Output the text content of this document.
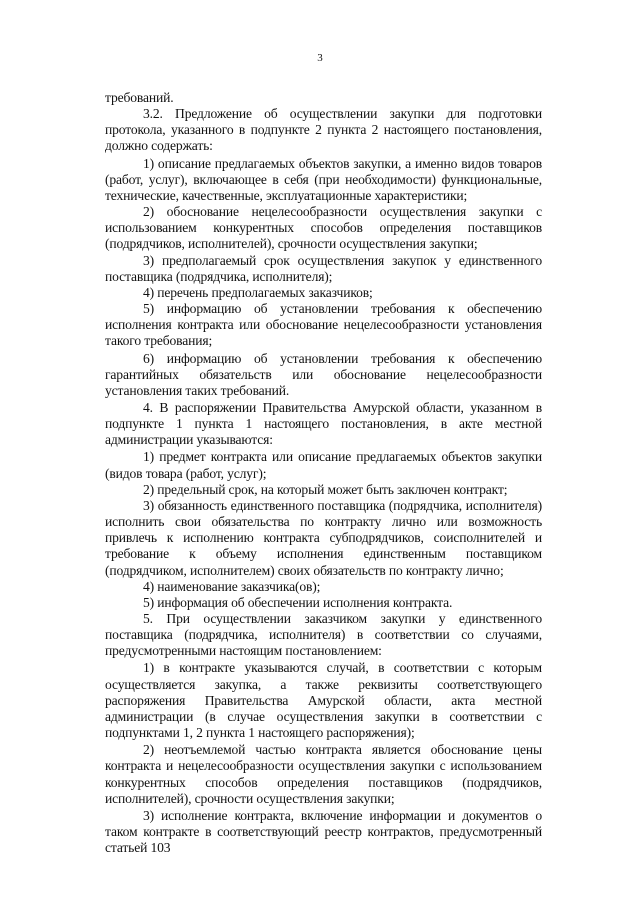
3

требований.

3.2. Предложение об осуществлении закупки для подготовки протокола, указанного в подпункте 2 пункта 2 настоящего постановления, должно содержать:

1) описание предлагаемых объектов закупки, а именно видов товаров (работ, услуг), включающее в себя (при необходимости) функциональные, технические, качественные, эксплуатационные характеристики;

2) обоснование нецелесообразности осуществления закупки с использованием конкурентных способов определения поставщиков (подрядчиков, исполнителей), срочности осуществления закупки;

3) предполагаемый срок осуществления закупок у единственного поставщика (подрядчика, исполнителя);

4) перечень предполагаемых заказчиков;

5) информацию об установлении требования к обеспечению исполнения контракта или обоснование нецелесообразности установления такого требования;

6) информацию об установлении требования к обеспечению гарантийных обязательств или обоснование нецелесообразности установления таких требований.

4. В распоряжении Правительства Амурской области, указанном в подпункте 1 пункта 1 настоящего постановления, в акте местной администрации указываются:

1) предмет контракта или описание предлагаемых объектов закупки (видов товара (работ, услуг);

2) предельный срок, на который может быть заключен контракт;

3) обязанность единственного поставщика (подрядчика, исполнителя) исполнить свои обязательства по контракту лично или возможность привлечь к исполнению контракта субподрядчиков, соисполнителей и требование к объему исполнения единственным поставщиком (подрядчиком, исполнителем) своих обязательств по контракту лично;

4) наименование заказчика(ов);

5) информация об обеспечении исполнения контракта.

5. При осуществлении заказчиком закупки у единственного поставщика (подрядчика, исполнителя) в соответствии со случаями, предусмотренными настоящим постановлением:

1) в контракте указываются случай, в соответствии с которым осуществляется закупка, а также реквизиты соответствующего распоряжения Правительства Амурской области, акта местной администрации (в случае осуществления закупки в соответствии с подпунктами 1, 2 пункта 1 настоящего распоряжения);

2) неотъемлемой частью контракта является обоснование цены контракта и нецелесообразности осуществления закупки с использованием конкурентных способов определения поставщиков (подрядчиков, исполнителей), срочности осуществления закупки;

3) исполнение контракта, включение информации и документов о таком контракте в соответствующий реестр контрактов, предусмотренный статьей 103
